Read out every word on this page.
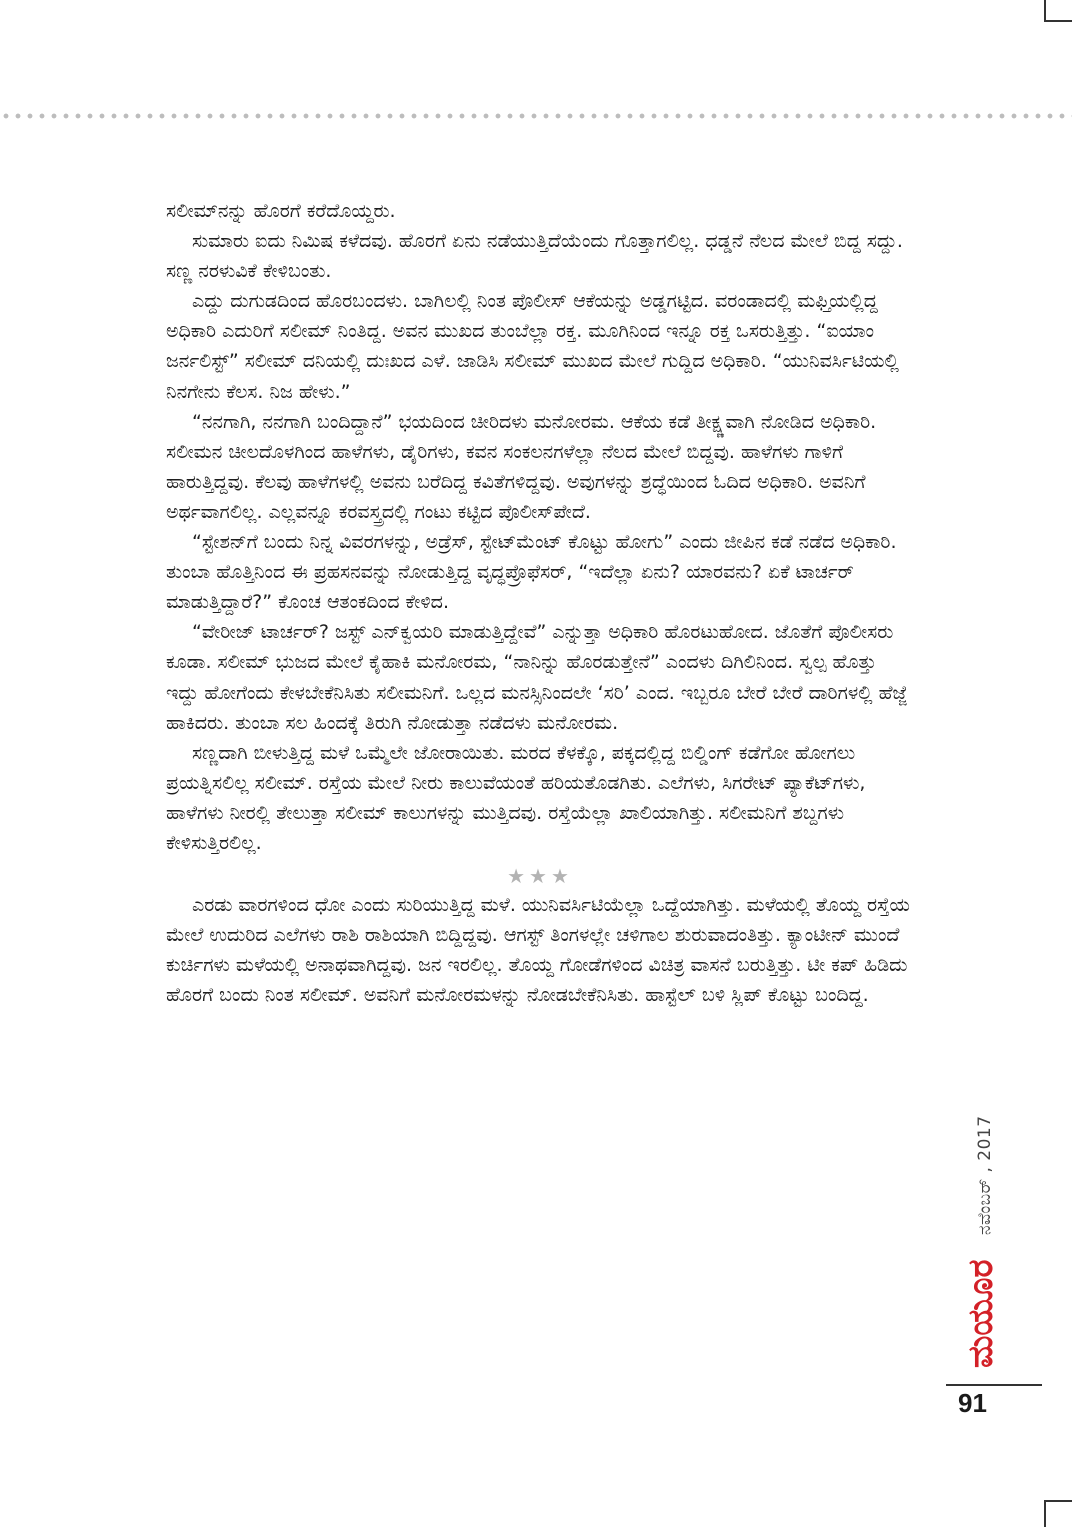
ಸಲೀಮ್‌ನನ್ನು ಹೊರಗೆ ಕರೆದೊಯ್ದರು.

ಸುಮಾರು ಐದು ನಿಮಿಷ ಕಳೆದವು. ಹೊರಗೆ ಏನು ನಡೆಯುತ್ತಿದೆಯೆಂದು ಗೊತ್ತಾಗಲಿಲ್ಲ. ಧಡ್ಡನೆ ನೆಲದ ಮೇಲೆ ಬಿದ್ದ ಸದ್ದು. ಸಣ್ಣ ನರಳುವಿಕೆ ಕೇಳಿಬಂತು.

ಎದ್ದು ದುಗುಡದಿಂದ ಹೊರಬಂದಳು. ಬಾಗಿಲಲ್ಲಿ ನಿಂತ ಪೊಲೀಸ್ ಆಕೆಯನ್ನು ಅಡ್ಡಗಟ್ಟಿದ. ವರಂಡಾದಲ್ಲಿ ಮಫ್ತಿಯಲ್ಲಿದ್ದ ಅಧಿಕಾರಿ ಎದುರಿಗೆ ಸಲೀಮ್ ನಿಂತಿದ್ದ. ಅವನ ಮುಖದ ತುಂಬೆಲ್ಲಾ ರಕ್ತ. ಮೂಗಿನಿಂದ ಇನ್ನೂ ರಕ್ತ ಒಸರುತ್ತಿತ್ತು. “ಐಯಾಂ ಜರ್ನಲಿಸ್ಟ್” ಸಲೀಮ್ ದನಿಯಲ್ಲಿ ದುಃಖದ ಎಳೆ. ಜಾಡಿಸಿ ಸಲೀಮ್ ಮುಖದ ಮೇಲೆ ಗುದ್ದಿದ ಅಧಿಕಾರಿ. “ಯುನಿವರ್ಸಿಟಿಯಲ್ಲಿ ನಿನಗೇನು ಕೆಲಸ. ನಿಜ ಹೇಳು.”

“ನನಗಾಗಿ, ನನಗಾಗಿ ಬಂದಿದ್ದಾನೆ” ಭಯದಿಂದ ಚೀರಿದಳು ಮನೋರಮ. ಆಕೆಯ ಕಡೆ ತೀಕ್ಷ್ಣವಾಗಿ ನೋಡಿದ ಅಧಿಕಾರಿ. ಸಲೀಮನ ಚೀಲದೊಳಗಿಂದ ಹಾಳೆಗಳು, ಡೈರಿಗಳು, ಕವನ ಸಂಕಲನಗಳೆಲ್ಲಾ ನೆಲದ ಮೇಲೆ ಬಿದ್ದವು. ಹಾಳೆಗಳು ಗಾಳಿಗೆ ಹಾರುತ್ತಿದ್ದವು. ಕೆಲವು ಹಾಳೆಗಳಲ್ಲಿ ಅವನು ಬರೆದಿದ್ದ ಕವಿತೆಗಳಿದ್ದವು. ಅವುಗಳನ್ನು ಶ್ರದ್ಧೆಯಿಂದ ಓದಿದ ಅಧಿಕಾರಿ. ಅವನಿಗೆ ಅರ್ಥವಾಗಲಿಲ್ಲ. ಎಲ್ಲವನ್ನೂ ಕರವಸ್ತ್ರದಲ್ಲಿ ಗಂಟು ಕಟ್ಟಿದ ಪೊಲೀಸ್‌ಪೇದೆ.

“ಸ್ಟೇಶನ್‌ಗೆ ಬಂದು ನಿನ್ನ ವಿವರಗಳನ್ನು, ಅಡ್ರೆಸ್, ಸ್ಟೇಟ್‌ಮೆಂಟ್ ಕೊಟ್ಟು ಹೋಗು” ಎಂದು ಜೀಪಿನ ಕಡೆ ನಡೆದ ಅಧಿಕಾರಿ. ತುಂಬಾ ಹೊತ್ತಿನಿಂದ ಈ ಪ್ರಹಸನವನ್ನು ನೋಡುತ್ತಿದ್ದ ವೃದ್ಧಪ್ರೊಫೆಸರ್, “ಇದೆಲ್ಲಾ ಏನು? ಯಾರವನು? ಏಕೆ ಟಾರ್ಚರ್ ಮಾಡುತ್ತಿದ್ದಾರೆ?” ಕೊಂಚ ಆತಂಕದಿಂದ ಕೇಳಿದ.

“ವೇರೀಜ್ ಟಾರ್ಚರ್? ಜಸ್ಟ್ ಎನ್‌ಕ್ವಯರಿ ಮಾಡುತ್ತಿದ್ದೇವೆ” ಎನ್ನುತ್ತಾ ಅಧಿಕಾರಿ ಹೊರಟುಹೋದ. ಜೊತೆಗೆ ಪೊಲೀಸರು ಕೂಡಾ. ಸಲೀಮ್ ಭುಜದ ಮೇಲೆ ಕೈಹಾಕಿ ಮನೋರಮ, “ನಾನಿನ್ನು ಹೊರಡುತ್ತೇನೆ” ಎಂದಳು ದಿಗಿಲಿನಿಂದ. ಸ್ವಲ್ಪ ಹೊತ್ತು ಇದ್ದು ಹೋಗೆಂದು ಕೇಳಬೇಕೆನಿಸಿತು ಸಲೀಮನಿಗೆ. ಒಲ್ಲದ ಮನಸ್ಸಿನಿಂದಲೇ ‘ಸರಿ’ ಎಂದ. ಇಬ್ಬರೂ ಬೇರೆ ಬೇರೆ ದಾರಿಗಳಲ್ಲಿ ಹೆಜ್ಜೆ ಹಾಕಿದರು. ತುಂಬಾ ಸಲ ಹಿಂದಕ್ಕೆ ತಿರುಗಿ ನೋಡುತ್ತಾ ನಡೆದಳು ಮನೋರಮ.

ಸಣ್ಣದಾಗಿ ಬೀಳುತ್ತಿದ್ದ ಮಳೆ ಒಮ್ಮೆಲೇ ಜೋರಾಯಿತು. ಮರದ ಕೆಳಕ್ಕೊ, ಪಕ್ಕದಲ್ಲಿದ್ದ ಬಿಲ್ಡಿಂಗ್ ಕಡೆಗೋ ಹೋಗಲು ಪ್ರಯತ್ನಿಸಲಿಲ್ಲ ಸಲೀಮ್. ರಸ್ತೆಯ ಮೇಲೆ ನೀರು ಕಾಲುವೆಯಂತೆ ಹರಿಯತೊಡಗಿತು. ಎಲೆಗಳು, ಸಿಗರೇಟ್ ಪ್ಯಾಕೆಟ್‌ಗಳು, ಹಾಳೆಗಳು ನೀರಲ್ಲಿ ತೇಲುತ್ತಾ ಸಲೀಮ್ ಕಾಲುಗಳನ್ನು ಮುತ್ತಿದವು. ರಸ್ತೆಯೆಲ್ಲಾ ಖಾಲಿಯಾಗಿತ್ತು. ಸಲೀಮನಿಗೆ ಶಬ್ದಗಳು ಕೇಳಿಸುತ್ತಿರಲಿಲ್ಲ.

★★★

ಎರಡು ವಾರಗಳಿಂದ ಧೋ ಎಂದು ಸುರಿಯುತ್ತಿದ್ದ ಮಳೆ. ಯುನಿವರ್ಸಿಟಿಯೆಲ್ಲಾ ಒದ್ದೆಯಾಗಿತ್ತು. ಮಳೆಯಲ್ಲಿ ತೊಯ್ದ ರಸ್ತೆಯ ಮೇಲೆ ಉದುರಿದ ಎಲೆಗಳು ರಾಶಿ ರಾಶಿಯಾಗಿ ಬಿದ್ದಿದ್ದವು. ಆಗಸ್ಟ್ ತಿಂಗಳಲ್ಲೇ ಚಳಿಗಾಲ ಶುರುವಾದಂತಿತ್ತು. ಕ್ಯಾಂಟೀನ್ ಮುಂದೆ ಕುರ್ಚಿಗಳು ಮಳೆಯಲ್ಲಿ ಅನಾಥವಾಗಿದ್ದವು. ಜನ ಇರಲಿಲ್ಲ. ತೊಯ್ದ ಗೋಡೆಗಳಿಂದ ವಿಚಿತ್ರ ವಾಸನೆ ಬರುತ್ತಿತ್ತು. ಟೀ ಕಪ್ ಹಿಡಿದು ಹೊರಗೆ ಬಂದು ನಿಂತ ಸಲೀಮ್. ಅವನಿಗೆ ಮನೋರಮಳನ್ನು ನೋಡಬೇಕೆನಿಸಿತು. ಹಾಸ್ಟೆಲ್ ಬಳಿ ಸ್ಲಿಪ್ ಕೊಟ್ಟು ಬಂದಿದ್ದ.

ನವೆಂಬರ್ , 2017
ಮಯೂರ
91
